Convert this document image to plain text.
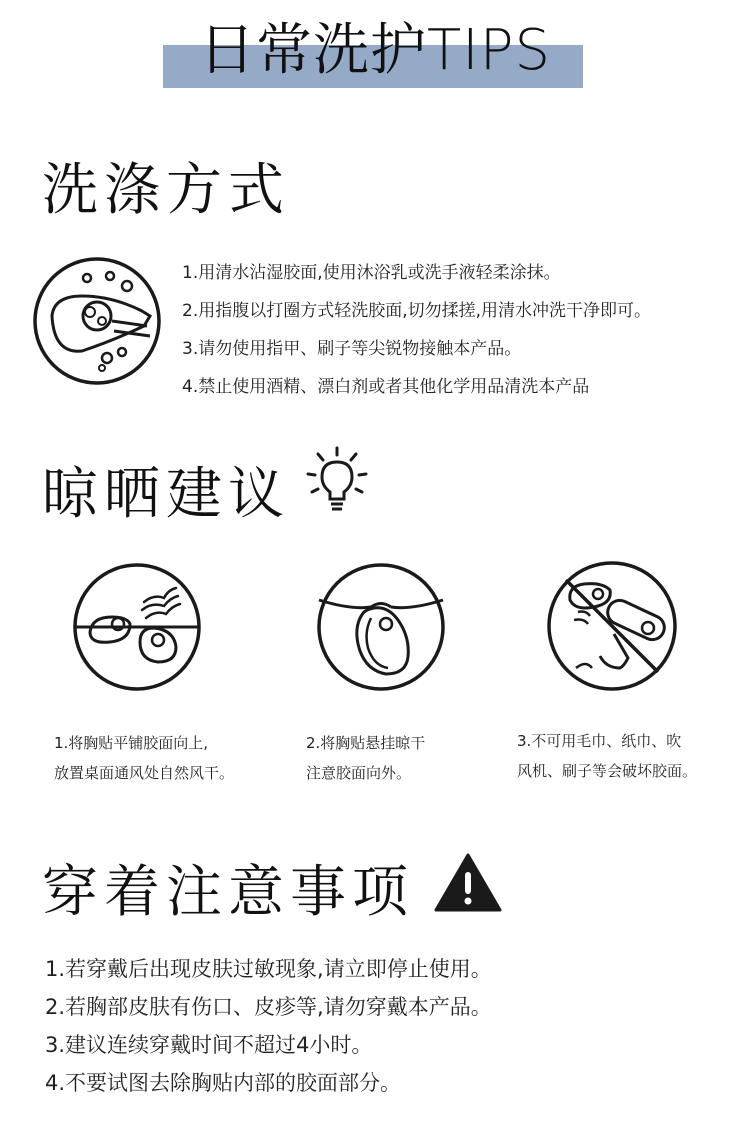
日常洗护TIPS
洗涤方式
1.用清水沾湿胶面,使用沐浴乳或洗手液轻柔涂抹。
2.用指腹以打圈方式轻洗胶面,切勿揉搓,用清水冲洗干净即可。
3.请勿使用指甲、刷子等尖锐物接触本产品。
4.禁止使用酒精、漂白剂或者其他化学用品清洗本产品
晾晒建议
1.将胸贴平铺胶面向上,
放置桌面通风处自然风干。
2.将胸贴悬挂晾干
注意胶面向外。
3.不可用毛巾、纸巾、吹
风机、刷子等会破坏胶面。
穿着注意事项
1.若穿戴后出现皮肤过敏现象,请立即停止使用。
2.若胸部皮肤有伤口、皮疹等,请勿穿戴本产品。
3.建议连续穿戴时间不超过4小时。
4.不要试图去除胸贴内部的胶面部分。
